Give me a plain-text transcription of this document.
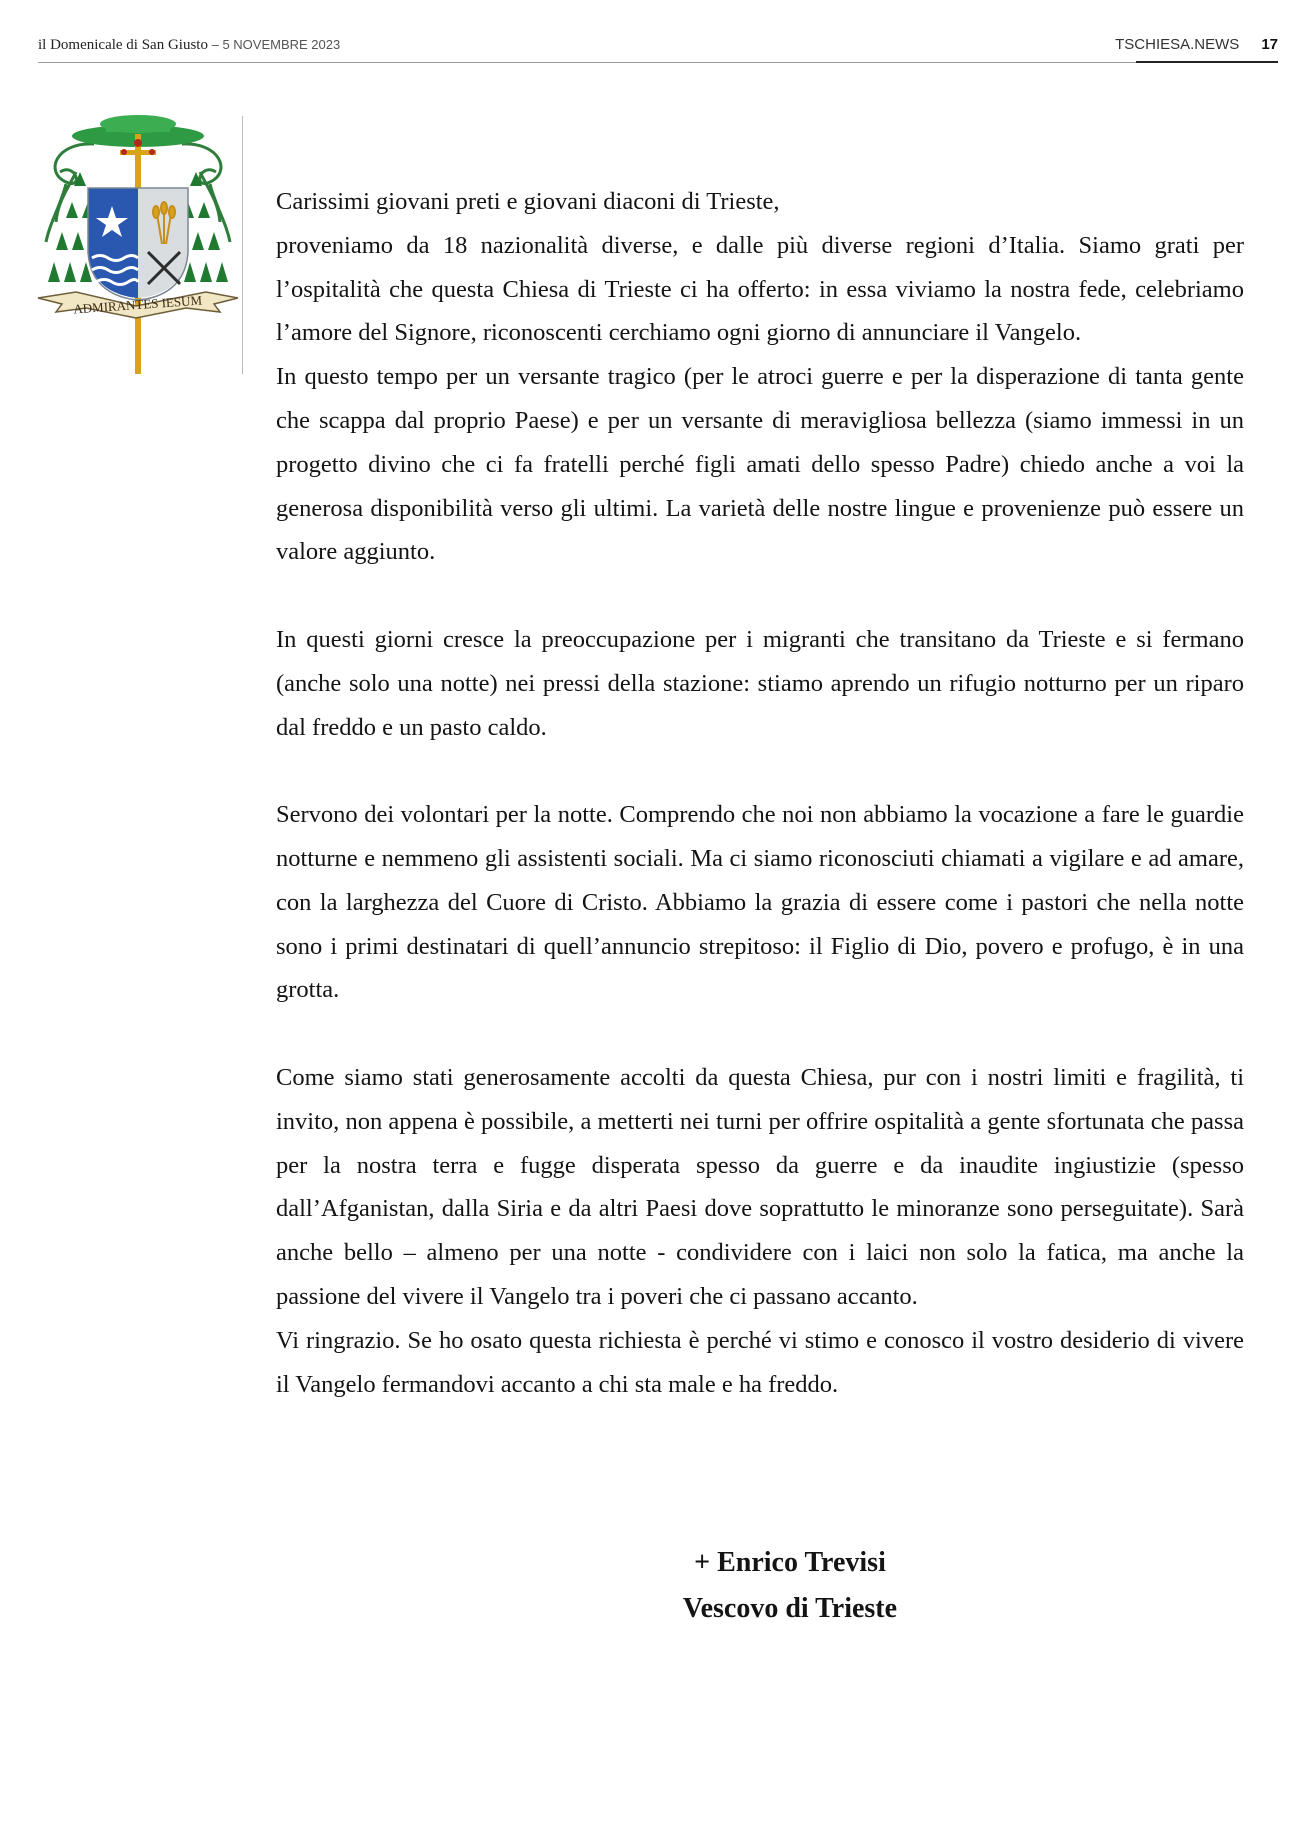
il Domenicale di San Giusto – 5 NOVEMBRE 2023	TSCHIESA.NEWS 17
ADMIRANTES IESUM

Carissimi giovani preti e giovani diaconi di Trieste,

proveniamo da 18 nazionalità diverse, e dalle più diverse regioni d’Italia. Siamo grati per l’ospitalità che questa Chiesa di Trieste ci ha offerto: in essa viviamo la nostra fede, celebriamo l’amore del Signore, riconoscenti cerchiamo ogni giorno di annunciare il Vangelo.

In questo tempo per un versante tragico (per le atroci guerre e per la disperazione di tanta gente che scappa dal proprio Paese) e per un versante di meravigliosa bellezza (siamo immessi in un progetto divino che ci fa fratelli perché figli amati dello spesso Padre) chiedo anche a voi la generosa disponibilità verso gli ultimi. La varietà delle nostre lingue e provenienze può essere un valore aggiunto.

In questi giorni cresce la preoccupazione per i migranti che transitano da Trieste e si fermano (anche solo una notte) nei pressi della stazione: stiamo aprendo un rifugio notturno per un riparo dal freddo e un pasto caldo.

Servono dei volontari per la notte. Comprendo che noi non abbiamo la vocazione a fare le guardie notturne e nemmeno gli assistenti sociali. Ma ci siamo riconosciuti chiamati a vigilare e ad amare, con la larghezza del Cuore di Cristo. Abbiamo la grazia di essere come i pastori che nella notte sono i primi destinatari di quell’annuncio strepitoso: il Figlio di Dio, povero e profugo, è in una grotta.

Come siamo stati generosamente accolti da questa Chiesa, pur con i nostri limiti e fragilità, ti invito, non appena è possibile, a metterti nei turni per offrire ospitalità a gente sfortunata che passa per la nostra terra e fugge disperata spesso da guerre e da inaudite ingiustizie (spesso dall’Afganistan, dalla Siria e da altri Paesi dove soprattutto le minoranze sono perseguitate). Sarà anche bello – almeno per una notte - condividere con i laici non solo la fatica, ma anche la passione del vivere il Vangelo tra i poveri che ci passano accanto.

Vi ringrazio. Se ho osato questa richiesta è perché vi stimo e conosco il vostro desiderio di vivere il Vangelo fermandovi accanto a chi sta male e ha freddo.

+ Enrico Trevisi
Vescovo di Trieste
